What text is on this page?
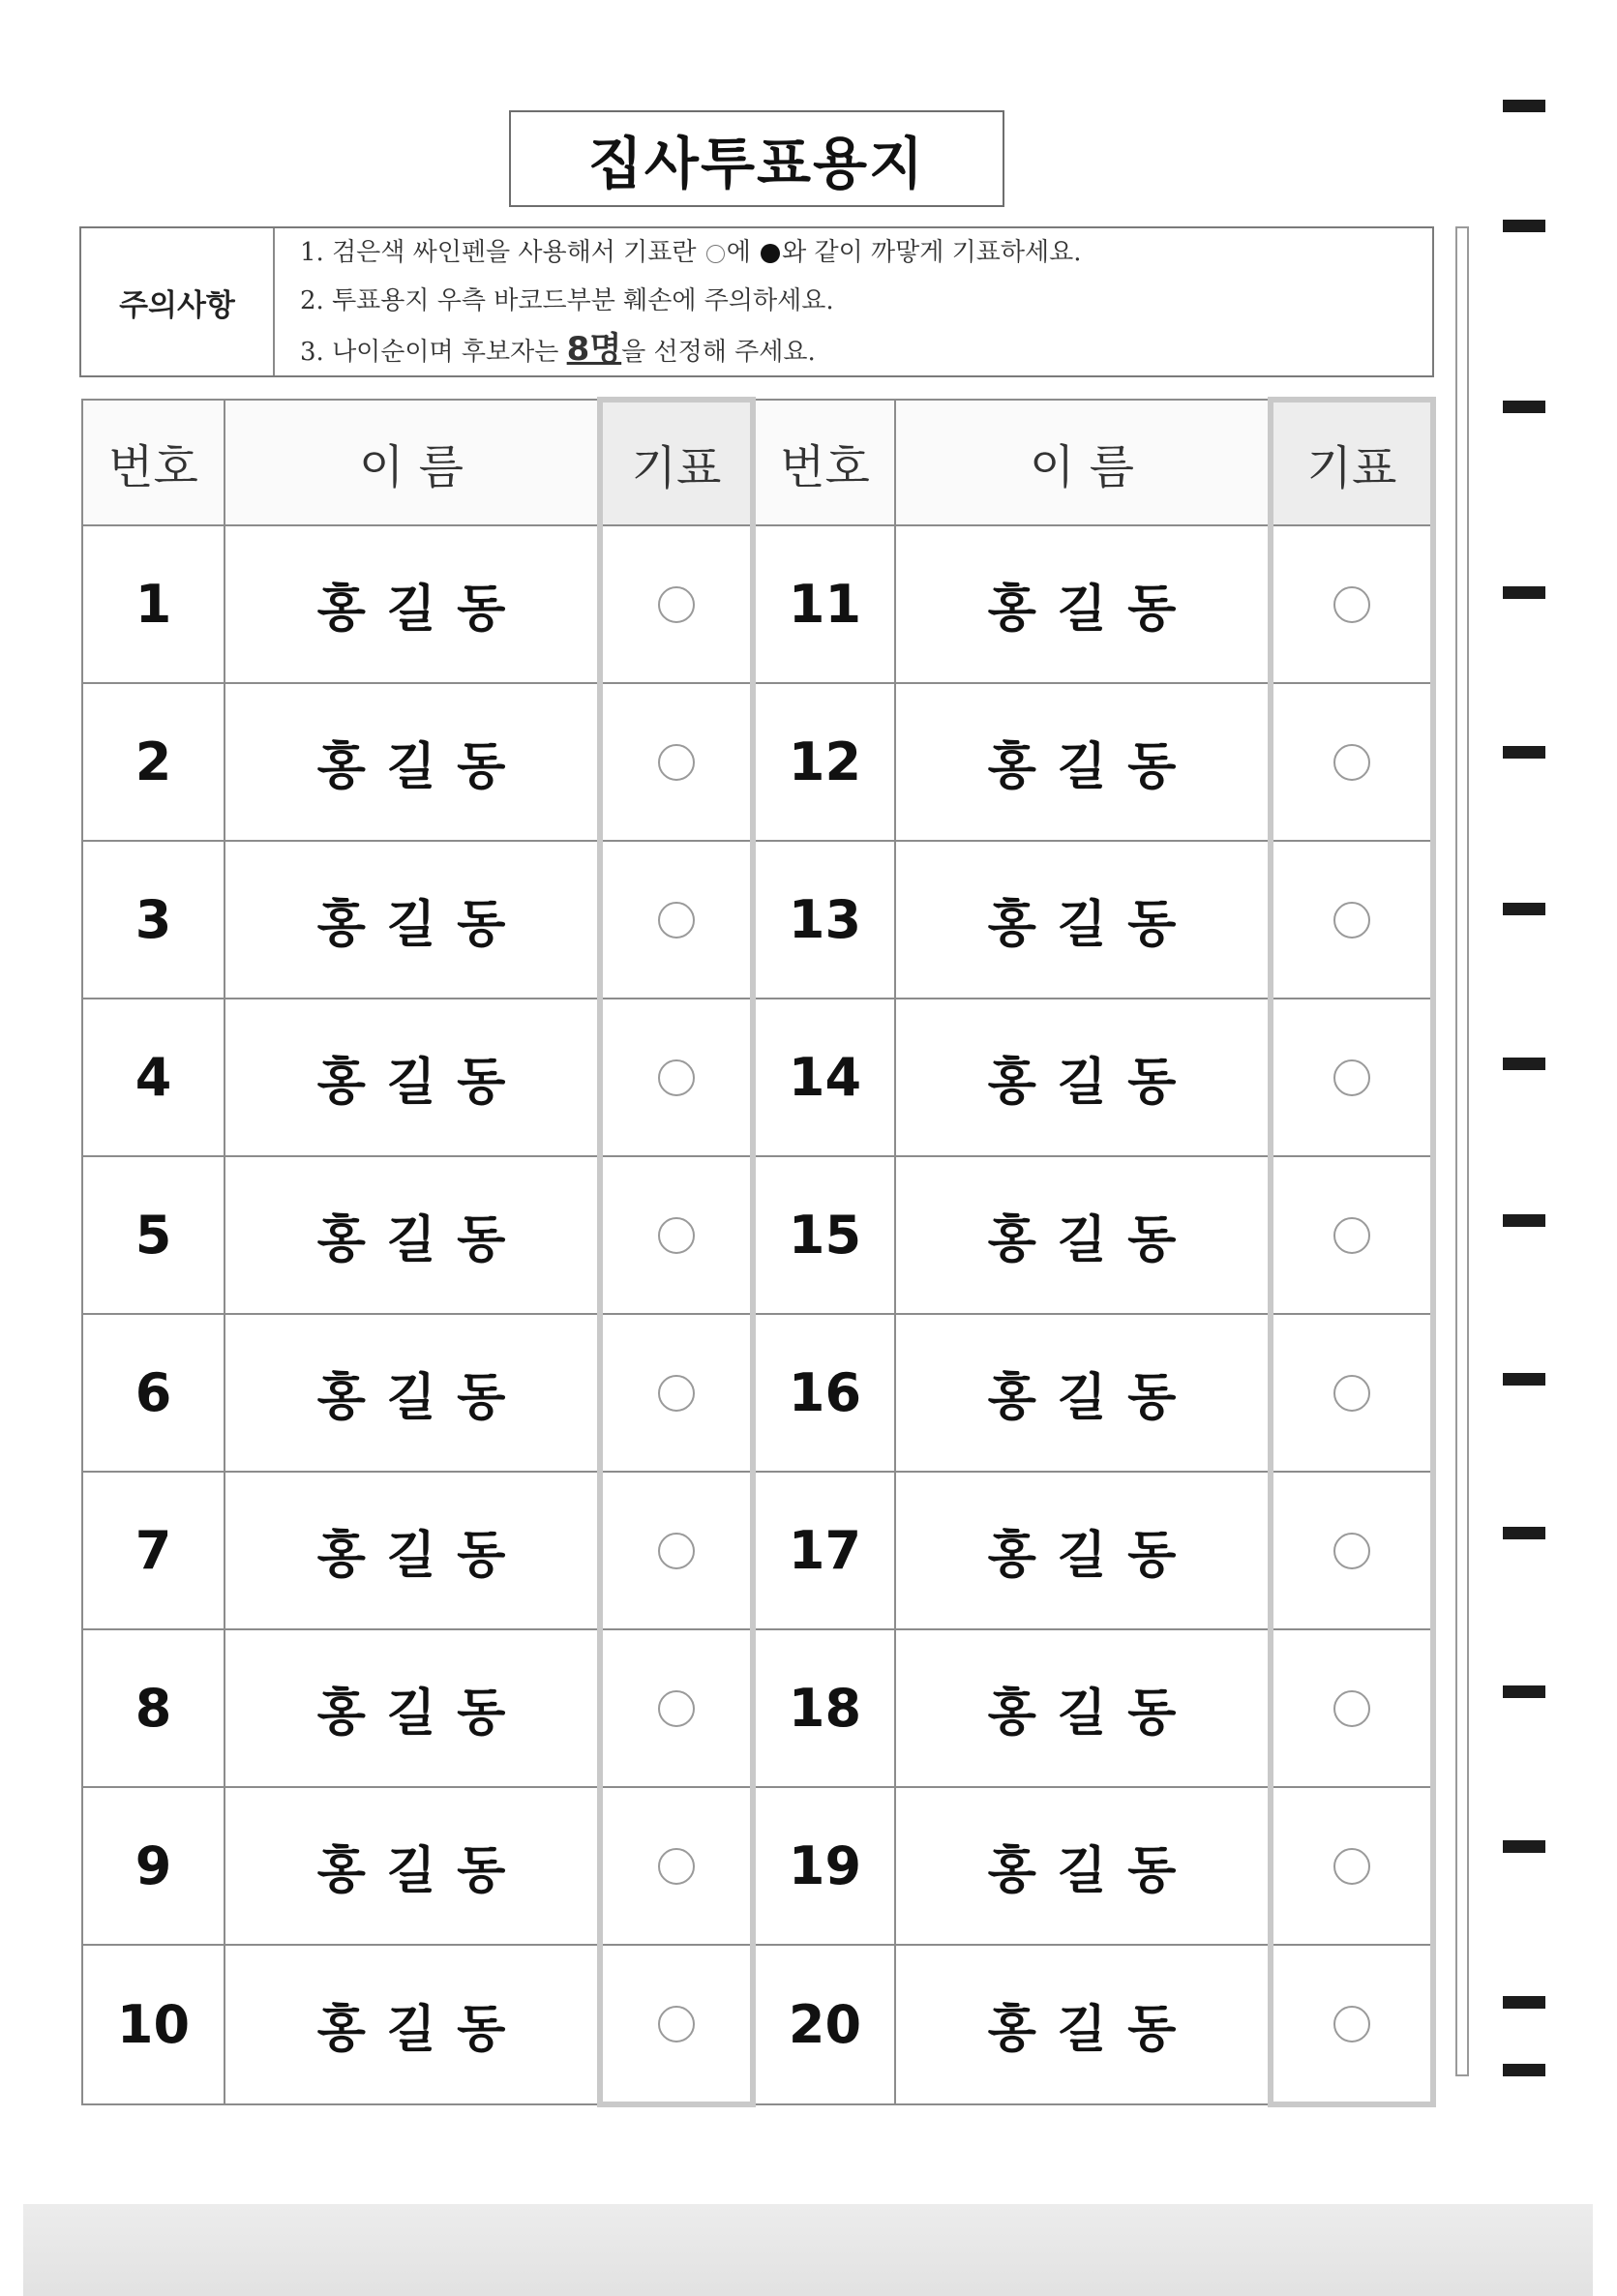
집사투표용지
주의사항
1. 검은색 싸인펜을 사용해서 기표란 에 와 같이 까맣게 기표하세요.
2. 투표용지 우측 바코드부분 훼손에 주의하세요.
3. 나이순이며 후보자는 8명을 선정해 주세요.
번호	이 름	기표	번호	이 름	기표
1	홍길동		11	홍길동	
2	홍길동		12	홍길동	
3	홍길동		13	홍길동	
4	홍길동		14	홍길동	
5	홍길동		15	홍길동	
6	홍길동		16	홍길동	
7	홍길동		17	홍길동	
8	홍길동		18	홍길동	
9	홍길동		19	홍길동	
10	홍길동		20	홍길동	
